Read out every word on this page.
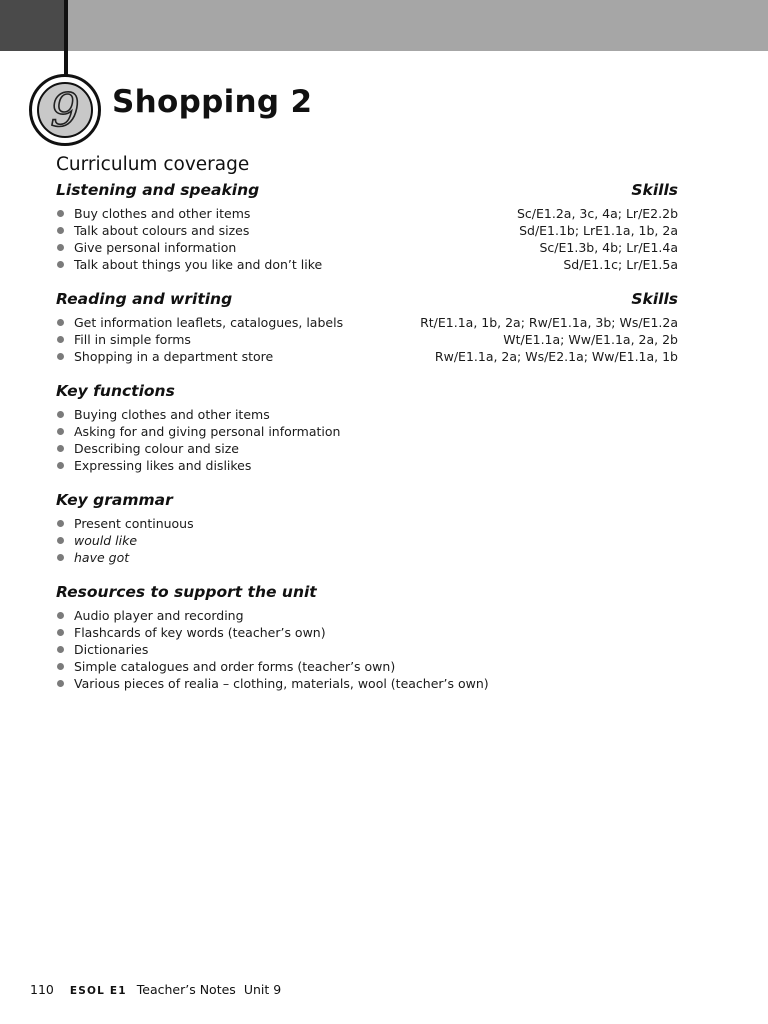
9	Shopping 2
Curriculum coverage
Listening and speaking	Skills
Buy clothes and other items	Sc/E1.2a, 3c, 4a; Lr/E2.2b
Talk about colours and sizes	Sd/E1.1b; LrE1.1a, 1b, 2a
Give personal information	Sc/E1.3b, 4b; Lr/E1.4a
Talk about things you like and don’t like	Sd/E1.1c; Lr/E1.5a
Reading and writing	Skills
Get information leaflets, catalogues, labels	Rt/E1.1a, 1b, 2a; Rw/E1.1a, 3b; Ws/E1.2a
Fill in simple forms	Wt/E1.1a; Ww/E1.1a, 2a, 2b
Shopping in a department store	Rw/E1.1a, 2a; Ws/E2.1a; Ww/E1.1a, 1b
Key functions
Buying clothes and other items
Asking for and giving personal information
Describing colour and size
Expressing likes and dislikes
Key grammar
Present continuous
would like
have got
Resources to support the unit
Audio player and recording
Flashcards of key words (teacher’s own)
Dictionaries
Simple catalogues and order forms (teacher’s own)
Various pieces of realia – clothing, materials, wool (teacher’s own)
110 ESOL E1 Teacher’s Notes Unit 9
